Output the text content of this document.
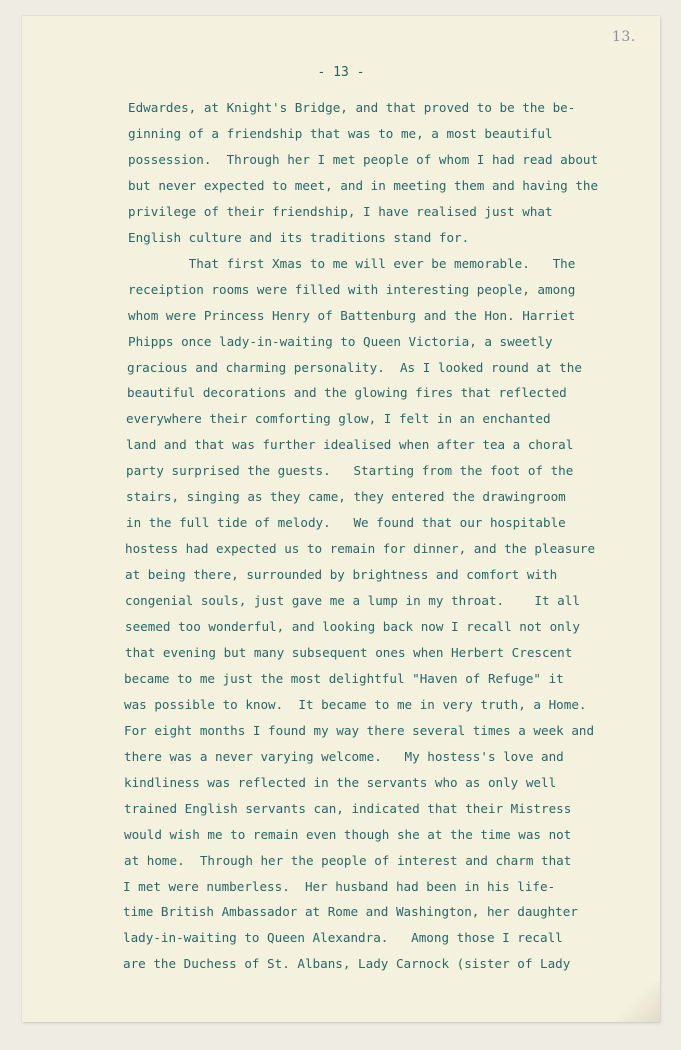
13.
- 13 -
Edwardes, at Knight's Bridge, and that proved to be the be-
ginning of a friendship that was to me, a most beautiful
possession.  Through her I met people of whom I had read about
but never expected to meet, and in meeting them and having the
privilege of their friendship, I have realised just what
English culture and its traditions stand for.
That first Xmas to me will ever be memorable.   The
receiption rooms were filled with interesting people, among
whom were Princess Henry of Battenburg and the Hon. Harriet
Phipps once lady-in-waiting to Queen Victoria, a sweetly
gracious and charming personality.  As I looked round at the
beautiful decorations and the glowing fires that reflected
everywhere their comforting glow, I felt in an enchanted
land and that was further idealised when after tea a choral
party surprised the guests.   Starting from the foot of the
stairs, singing as they came, they entered the drawingroom
in the full tide of melody.   We found that our hospitable
hostess had expected us to remain for dinner, and the pleasure
at being there, surrounded by brightness and comfort with
congenial souls, just gave me a lump in my throat.    It all
seemed too wonderful, and looking back now I recall not only
that evening but many subsequent ones when Herbert Crescent
became to me just the most delightful "Haven of Refuge" it
was possible to know.  It became to me in very truth, a Home.
For eight months I found my way there several times a week and
there was a never varying welcome.   My hostess's love and
kindliness was reflected in the servants who as only well
trained English servants can, indicated that their Mistress
would wish me to remain even though she at the time was not
at home.  Through her the people of interest and charm that
I met were numberless.  Her husband had been in his life-
time British Ambassador at Rome and Washington, her daughter
lady-in-waiting to Queen Alexandra.   Among those I recall
are the Duchess of St. Albans, Lady Carnock (sister of Lady
